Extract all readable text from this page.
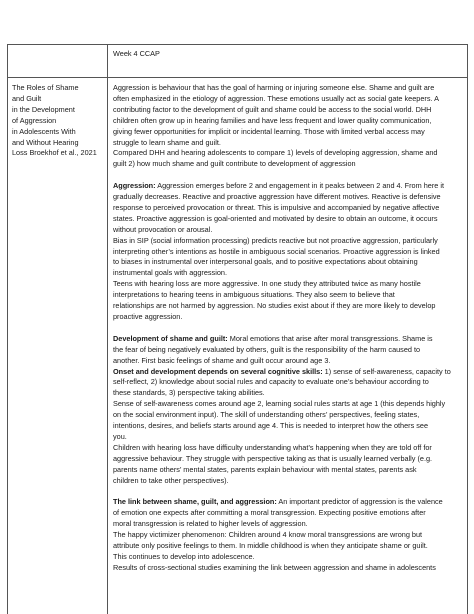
Week 4 CCAP
The Roles of Shame
and Guilt
in the Development
of Aggression
in Adolescents With
and Without Hearing
Loss Broekhof et al., 2021

Aggression is behaviour that has the goal of harming or injuring someone else. Shame and guilt are
often emphasized in the etiology of aggression. These emotions usually act as social gate keepers. A
contributing factor to the development of guilt and shame could be access to the social world. DHH
children often grow up in hearing families and have less frequent and lower quality communication,
giving fewer opportunities for implicit or incidental learning. Those with limited verbal access may
struggle to learn shame and guilt.
Compared DHH and hearing adolescents to compare 1) levels of developing aggression, shame and
guilt 2) how much shame and guilt contribute to development of aggression

Aggression: Aggression emerges before 2 and engagement in it peaks between 2 and 4. From here it
gradually decreases. Reactive and proactive aggression have different motives. Reactive is defensive
response to perceived provocation or threat. This is impulsive and accompanied by negative affective
states. Proactive aggression is goal-oriented and motivated by desire to obtain an outcome, it occurs
without provocation or arousal.
Bias in SIP (social information processing) predicts reactive but not proactive aggression, particularly
interpreting other’s intentions as hostile in ambiguous social scenarios. Proactive aggression is linked
to biases in instrumental over interpersonal goals, and to positive expectations about obtaining
instrumental goals with aggression.
Teens with hearing loss are more aggressive. In one study they attributed twice as many hostile
interpretations to hearing teens in ambiguous situations. They also seem to believe that
relationships are not harmed by aggression. No studies exist about if they are more likely to develop
proactive aggression.

Development of shame and guilt: Moral emotions that arise after moral transgressions. Shame is
the fear of being negatively evaluated by others, guilt is the responsibility of the harm caused to
another. First basic feelings of shame and guilt occur around age 3.
Onset and development depends on several cognitive skills: 1) sense of self-awareness, capacity to
self-reflect, 2) knowledge about social rules and capacity to evaluate one’s behaviour according to
these standards, 3) perspective taking abilities.
Sense of self-awareness comes around age 2, learning social rules starts at age 1 (this depends highly
on the social environment input). The skill of understanding others’ perspectives, feeling states,
intentions, desires, and beliefs starts around age 4. This is needed to interpret how the others see
you.
Children with hearing loss have difficulty understanding what’s happening when they are told off for
aggressive behaviour. They struggle with perspective taking as that is usually learned verbally (e.g.
parents name others’ mental states, parents explain behaviour with mental states, parents ask
children to take other perspectives).

The link between shame, guilt, and aggression: An important predictor of aggression is the valence
of emotion one expects after committing a moral transgression. Expecting positive emotions after
moral transgression is related to higher levels of aggression.
The happy victimizer phenomenon: Children around 4 know moral transgressions are wrong but
attribute only positive feelings to them. In middle childhood is when they anticipate shame or guilt.
This continues to develop into adolescence.
Results of cross-sectional studies examining the link between aggression and shame in adolescents
